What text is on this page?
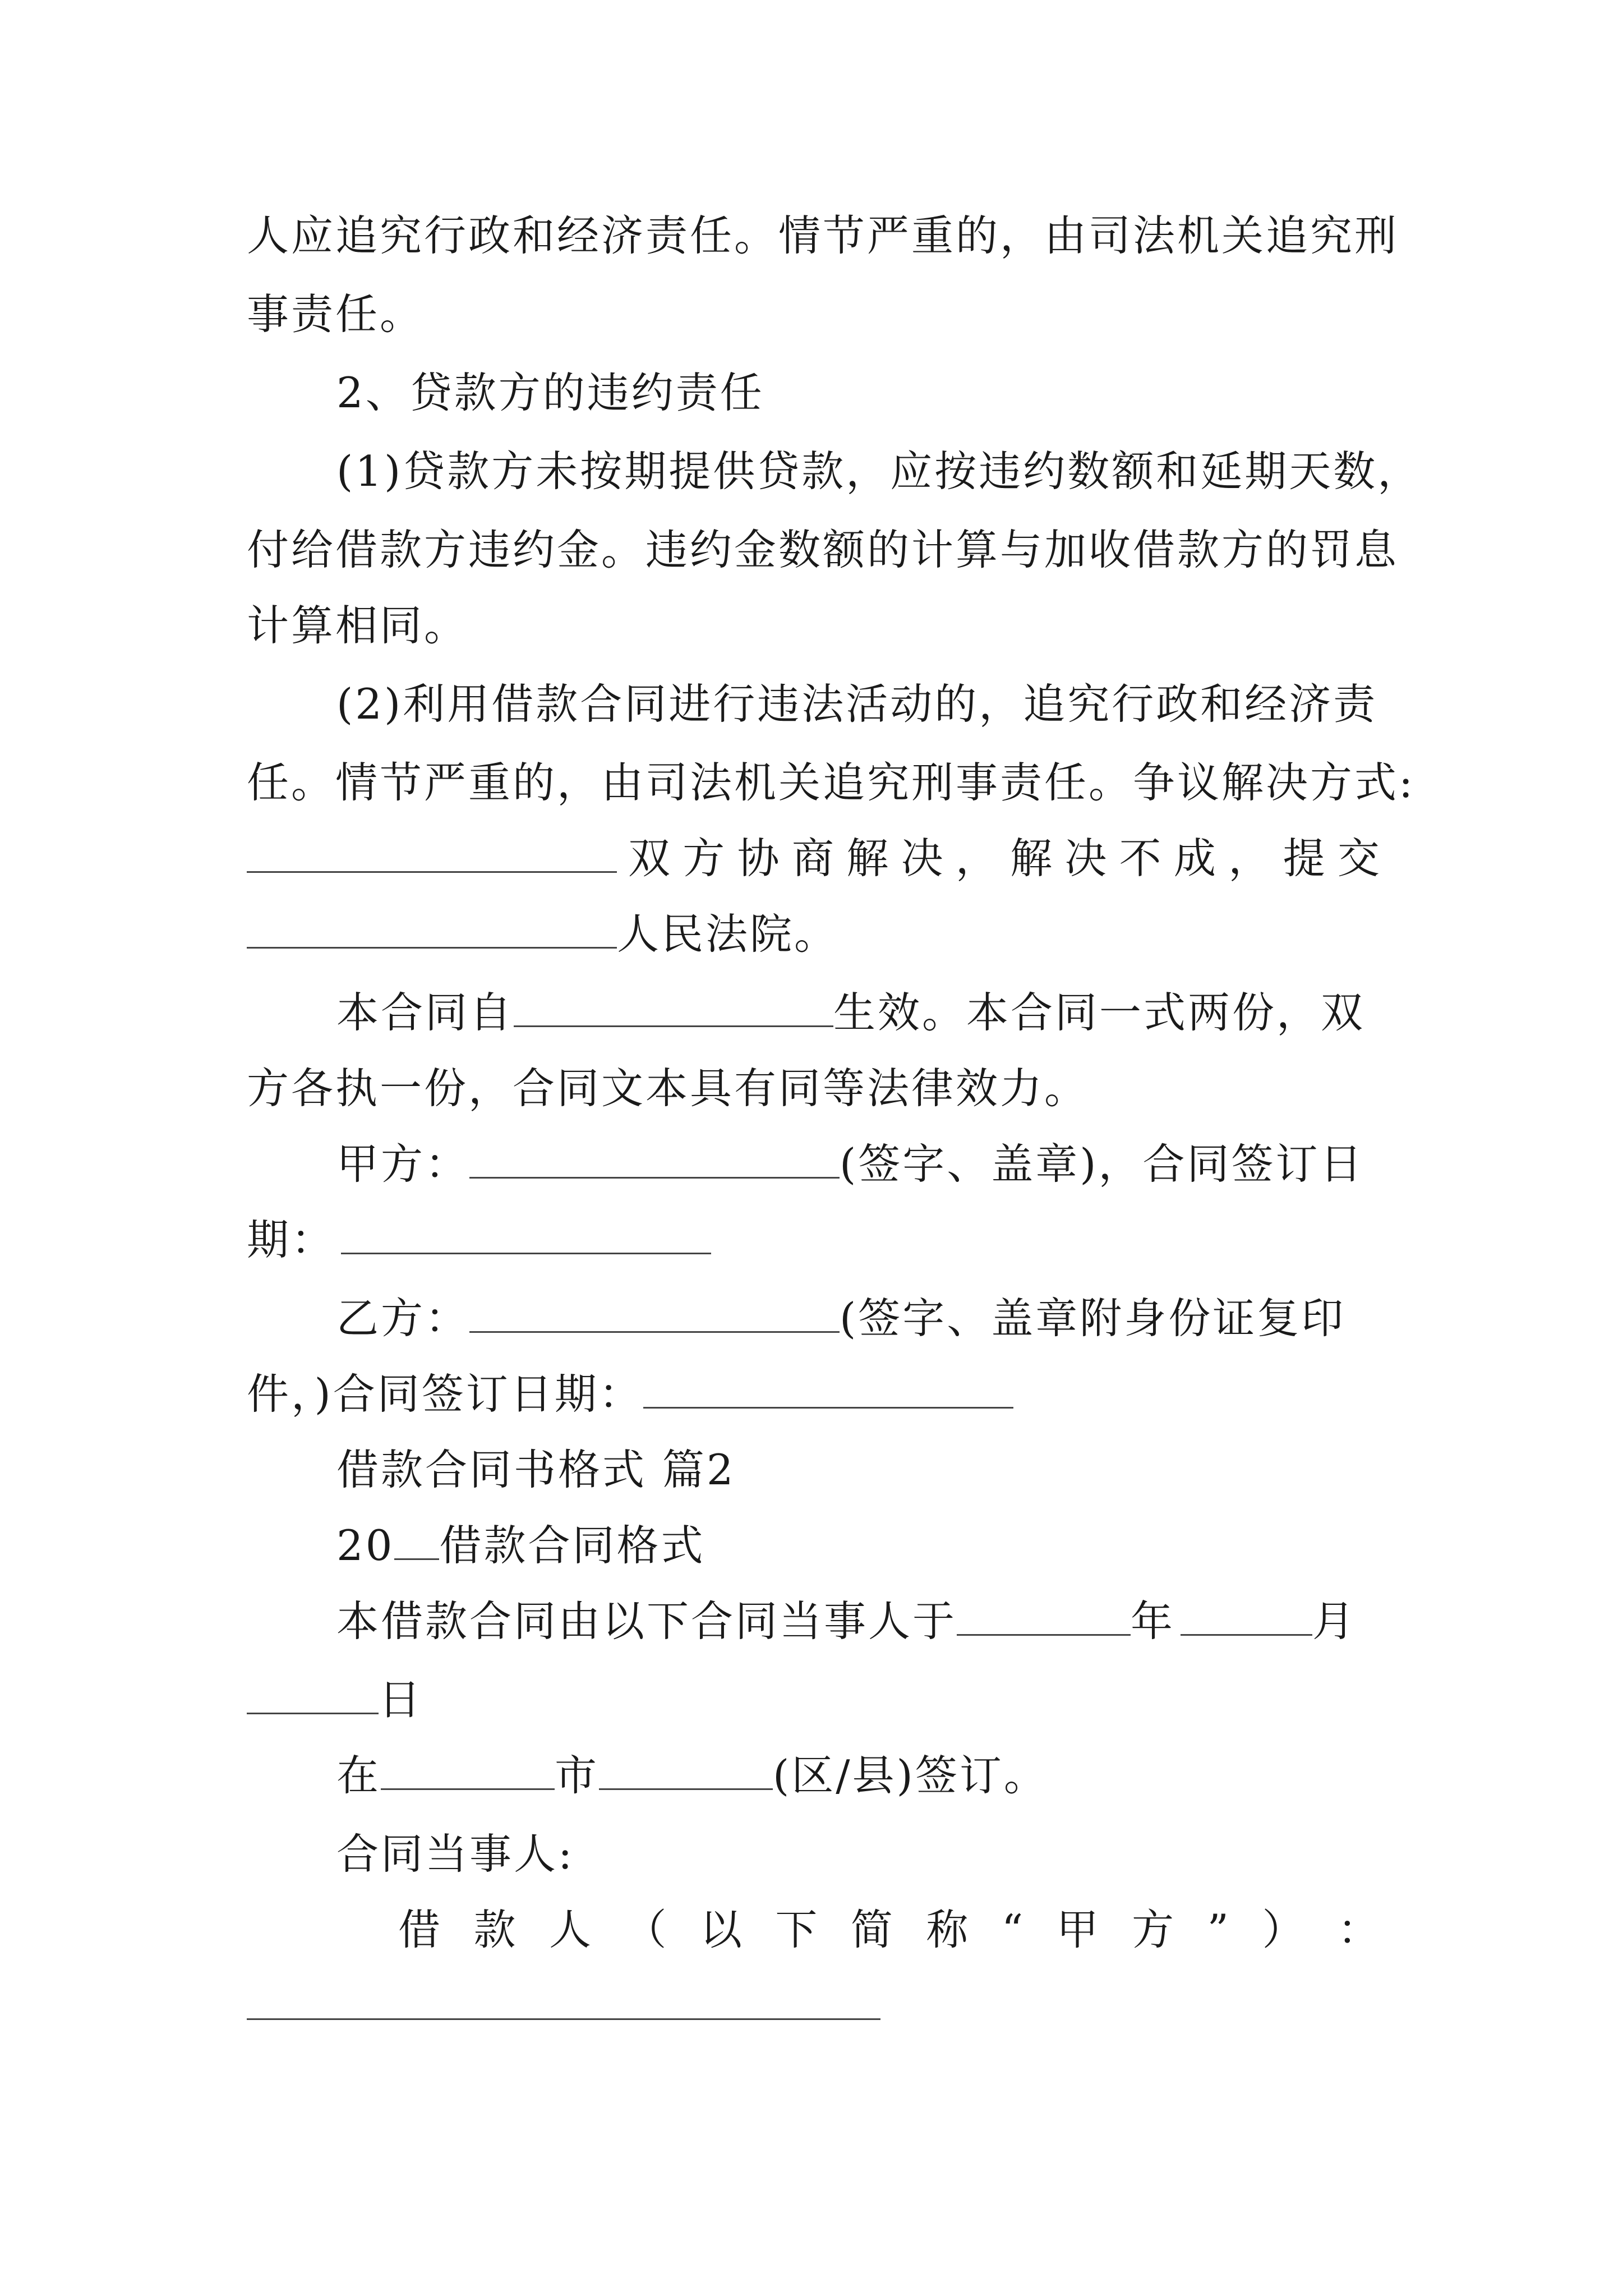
人应追究行政和经济责任。情节严重的，由司法机关追究刑
事责任。
2、贷款方的违约责任
(1)贷款方未按期提供贷款，应按违约数额和延期天数，
付给借款方违约金。违约金数额的计算与加收借款方的罚息
计算相同。
(2)利用借款合同进行违法活动的，追究行政和经济责
任。情节严重的，由司法机关追究刑事责任。争议解决方式:
双 方 协 商 解 决 ， 解 决 不 成 ， 提 交
人民法院。
本合同自	生效。本合同一式两份，双
方各执一份，合同文本具有同等法律效力。
甲方：	(签字、盖章)，合同签订日
期：
乙方：	(签字、盖章附身份证复印
件，)合同签订日期：
借款合同书格式 篇2
20 借款合同格式
本借款合同由以下合同当事人于	年	月
日
在	市	(区/县)签订。
合同当事人:
借 款 人 （ 以 下 简 称 “ 甲 方 ” ） ：
